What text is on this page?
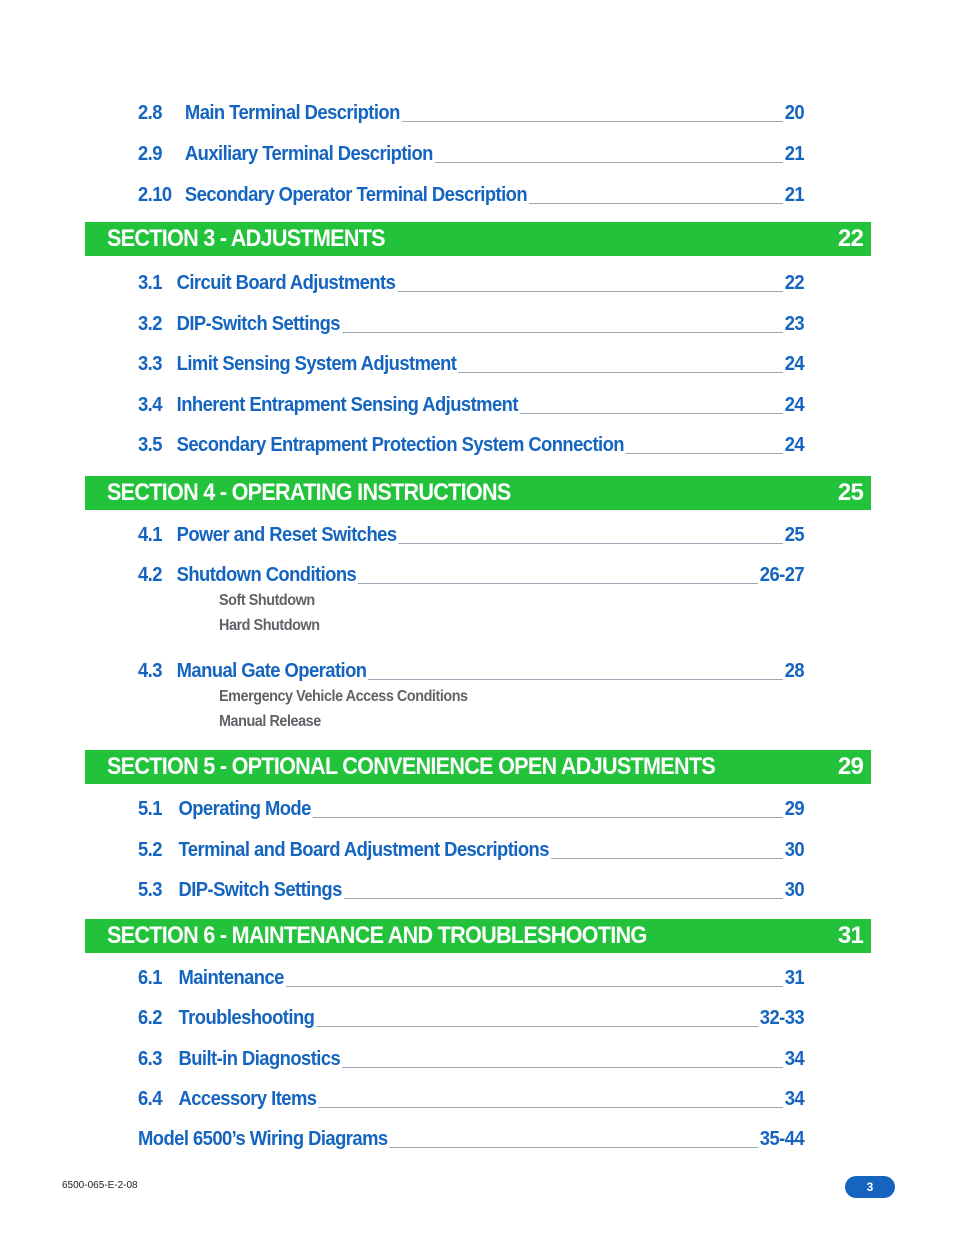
2.8	Main Terminal Description	20
2.9	Auxiliary Terminal Description	21
2.10 Secondary Operator Terminal Description	21
SECTION 3 - ADJUSTMENTS	22
3.1 Circuit Board Adjustments	22
3.2 DIP-Switch Settings	23
3.3 Limit Sensing System Adjustment	24
3.4 Inherent Entrapment Sensing Adjustment	24
3.5 Secondary Entrapment Protection System Connection	24
SECTION 4 - OPERATING INSTRUCTIONS	25
4.1 Power and Reset Switches	25
4.2 Shutdown Conditions	26-27
Soft Shutdown
Hard Shutdown
4.3 Manual Gate Operation	28
Emergency Vehicle Access Conditions
Manual Release
SECTION 5 - OPTIONAL CONVENIENCE OPEN ADJUSTMENTS	29
5.1 Operating Mode	29
5.2 Terminal and Board Adjustment Descriptions	30
5.3 DIP-Switch Settings	30
SECTION 6 - MAINTENANCE AND TROUBLESHOOTING	31
6.1 Maintenance	31
6.2 Troubleshooting	32-33
6.3 Built-in Diagnostics	34
6.4 Accessory Items	34
Model 6500’s Wiring Diagrams	35-44
6500-065-E-2-08	3
